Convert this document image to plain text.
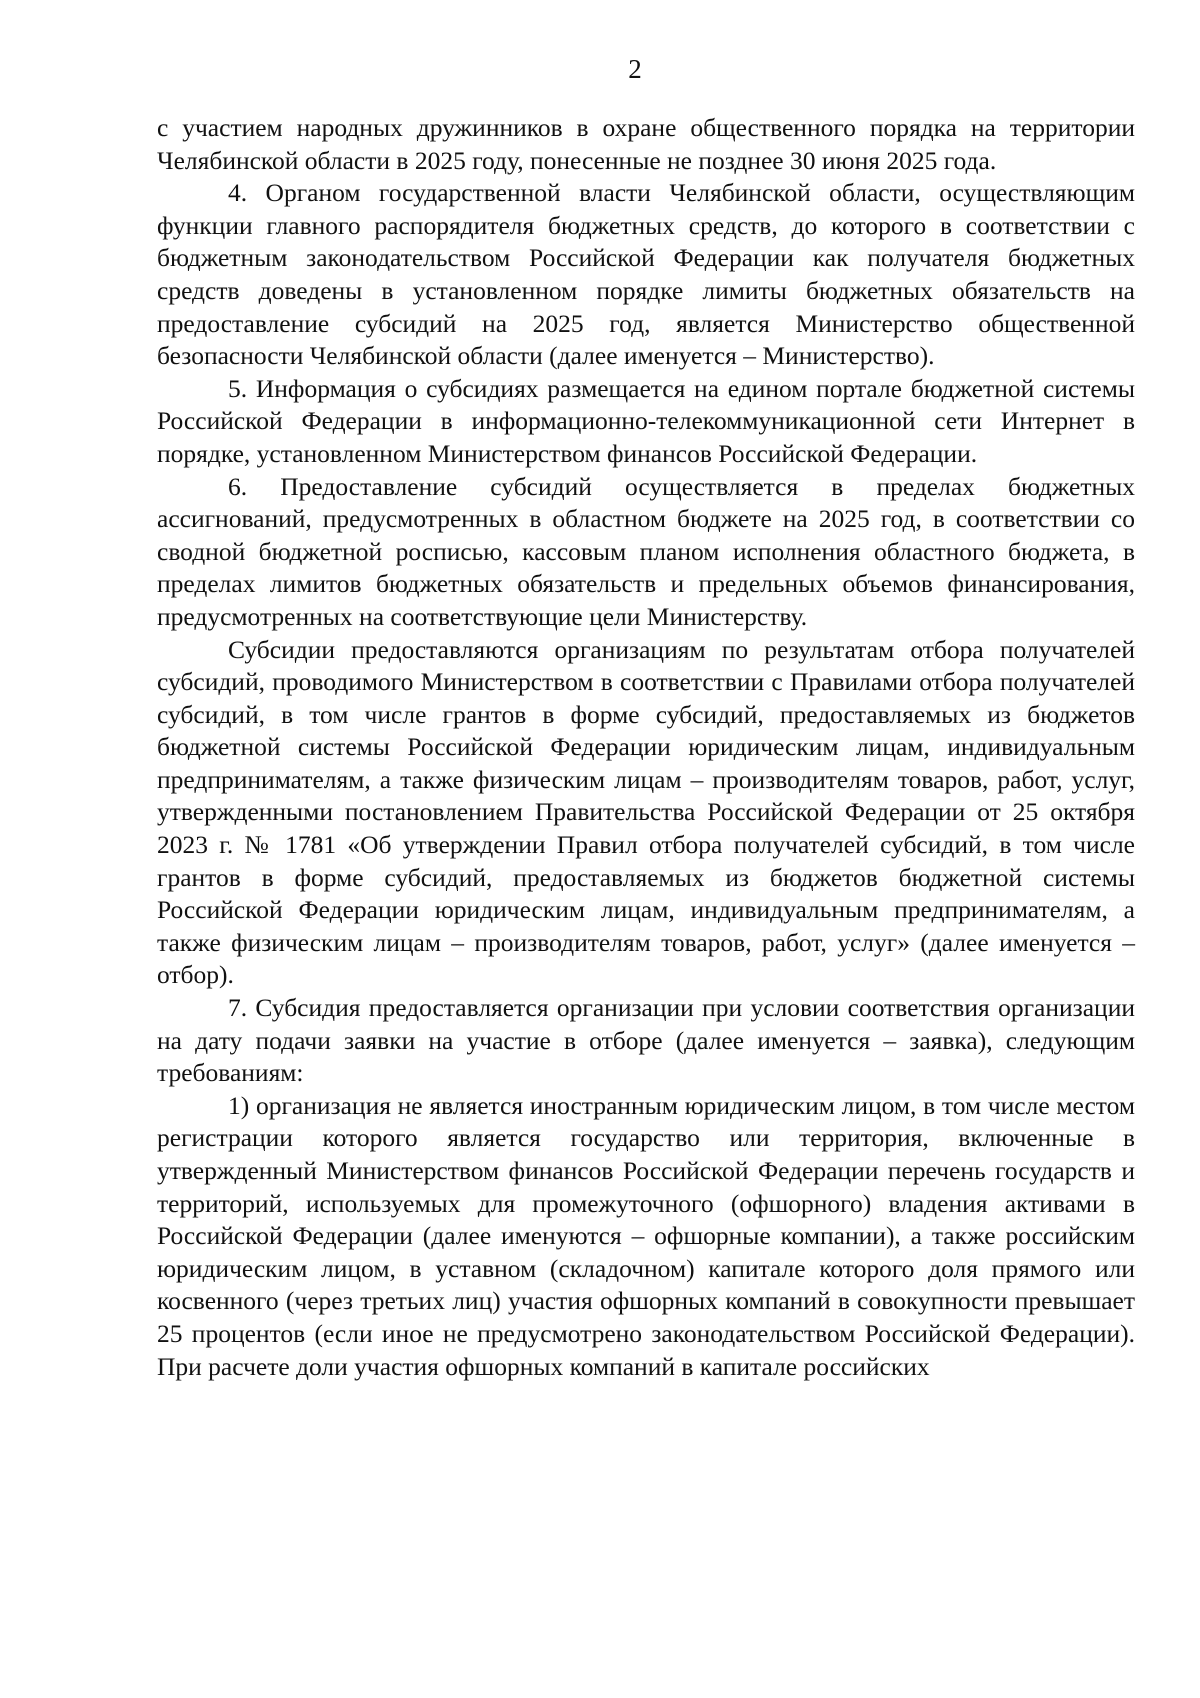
2

с участием народных дружинников в охране общественного порядка на территории Челябинской области в 2025 году, понесенные не позднее 30 июня 2025 года.

4. Органом государственной власти Челябинской области, осуществляющим функции главного распорядителя бюджетных средств, до которого в соответствии с бюджетным законодательством Российской Федерации как получателя бюджетных средств доведены в установленном порядке лимиты бюджетных обязательств на предоставление субсидий на 2025 год, является Министерство общественной безопасности Челябинской области (далее именуется – Министерство).

5. Информация о субсидиях размещается на едином портале бюджетной системы Российской Федерации в информационно-телекоммуникационной сети Интернет в порядке, установленном Министерством финансов Российской Федерации.

6. Предоставление субсидий осуществляется в пределах бюджетных ассигнований, предусмотренных в областном бюджете на 2025 год, в соответствии со сводной бюджетной росписью, кассовым планом исполнения областного бюджета, в пределах лимитов бюджетных обязательств и предельных объемов финансирования, предусмотренных на соответствующие цели Министерству.

Субсидии предоставляются организациям по результатам отбора получателей субсидий, проводимого Министерством в соответствии с Правилами отбора получателей субсидий, в том числе грантов в форме субсидий, предоставляемых из бюджетов бюджетной системы Российской Федерации юридическим лицам, индивидуальным предпринимателям, а также физическим лицам – производителям товаров, работ, услуг, утвержденными постановлением Правительства Российской Федерации от 25 октября 2023 г. № 1781 «Об утверждении Правил отбора получателей субсидий, в том числе грантов в форме субсидий, предоставляемых из бюджетов бюджетной системы Российской Федерации юридическим лицам, индивидуальным предпринимателям, а также физическим лицам – производителям товаров, работ, услуг» (далее именуется – отбор).

7. Субсидия предоставляется организации при условии соответствия организации на дату подачи заявки на участие в отборе (далее именуется – заявка), следующим требованиям:

1) организация не является иностранным юридическим лицом, в том числе местом регистрации которого является государство или территория, включенные в утвержденный Министерством финансов Российской Федерации перечень государств и территорий, используемых для промежуточного (офшорного) владения активами в Российской Федерации (далее именуются – офшорные компании), а также российским юридическим лицом, в уставном (складочном) капитале которого доля прямого или косвенного (через третьих лиц) участия офшорных компаний в совокупности превышает 25 процентов (если иное не предусмотрено законодательством Российской Федерации). При расчете доли участия офшорных компаний в капитале российских
